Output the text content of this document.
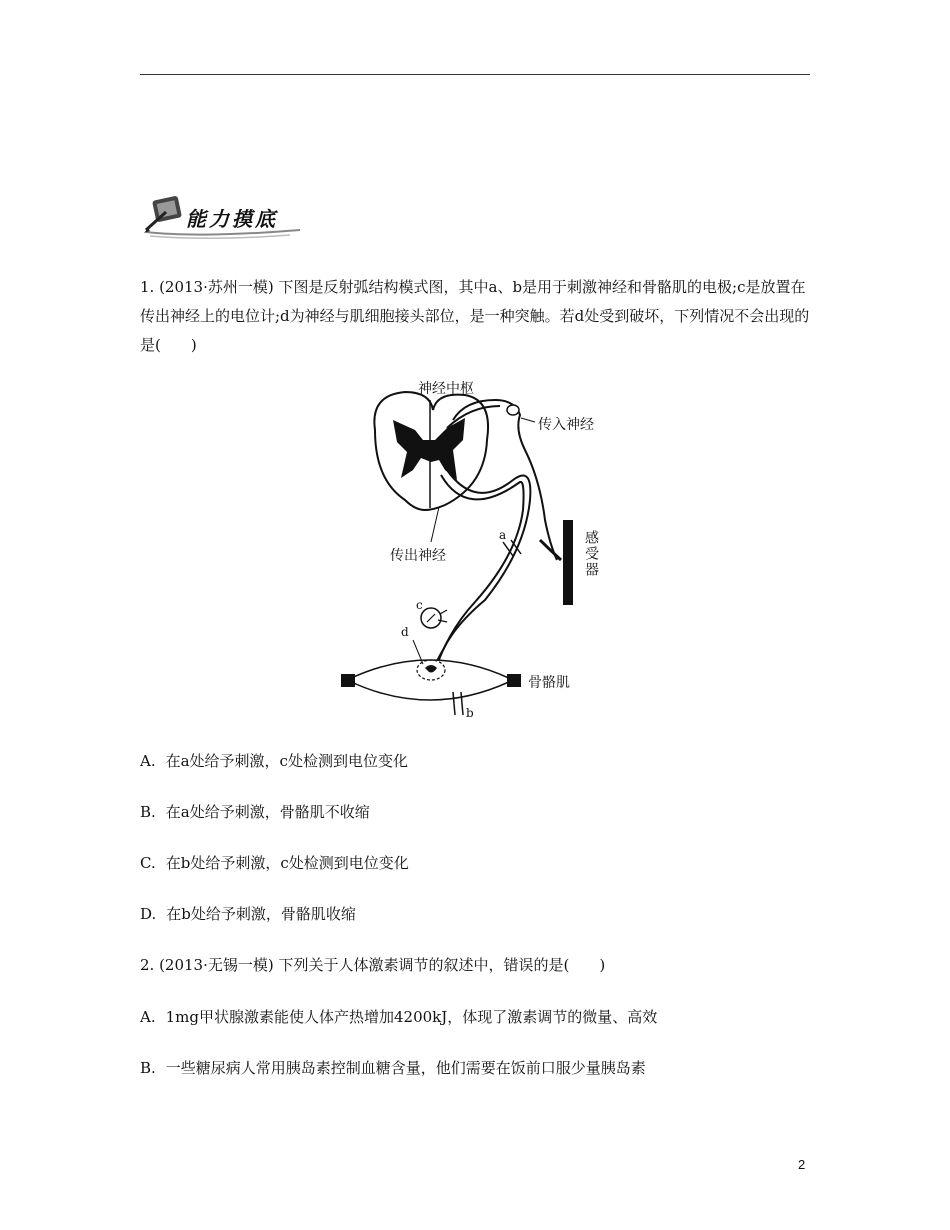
能力摸底
1. (2013·苏州一模) 下图是反射弧结构模式图，其中a、b是用于刺激神经和骨骼肌的电极;c是放置在传出神经上的电位计;d为神经与肌细胞接头部位，是一种突触。若d处受到破坏，下列情况不会出现的是(　　)
神经中枢
传入神经
传出神经	感受器
骨骼肌
a
b
c
d
A. 在a处给予刺激，c处检测到电位变化
B. 在a处给予刺激，骨骼肌不收缩
C. 在b处给予刺激，c处检测到电位变化
D. 在b处给予刺激，骨骼肌收缩
2. (2013·无锡一模) 下列关于人体激素调节的叙述中，错误的是(　　)
A. 1mg甲状腺激素能使人体产热增加4200kJ，体现了激素调节的微量、高效
B. 一些糖尿病人常用胰岛素控制血糖含量，他们需要在饭前口服少量胰岛素
2
